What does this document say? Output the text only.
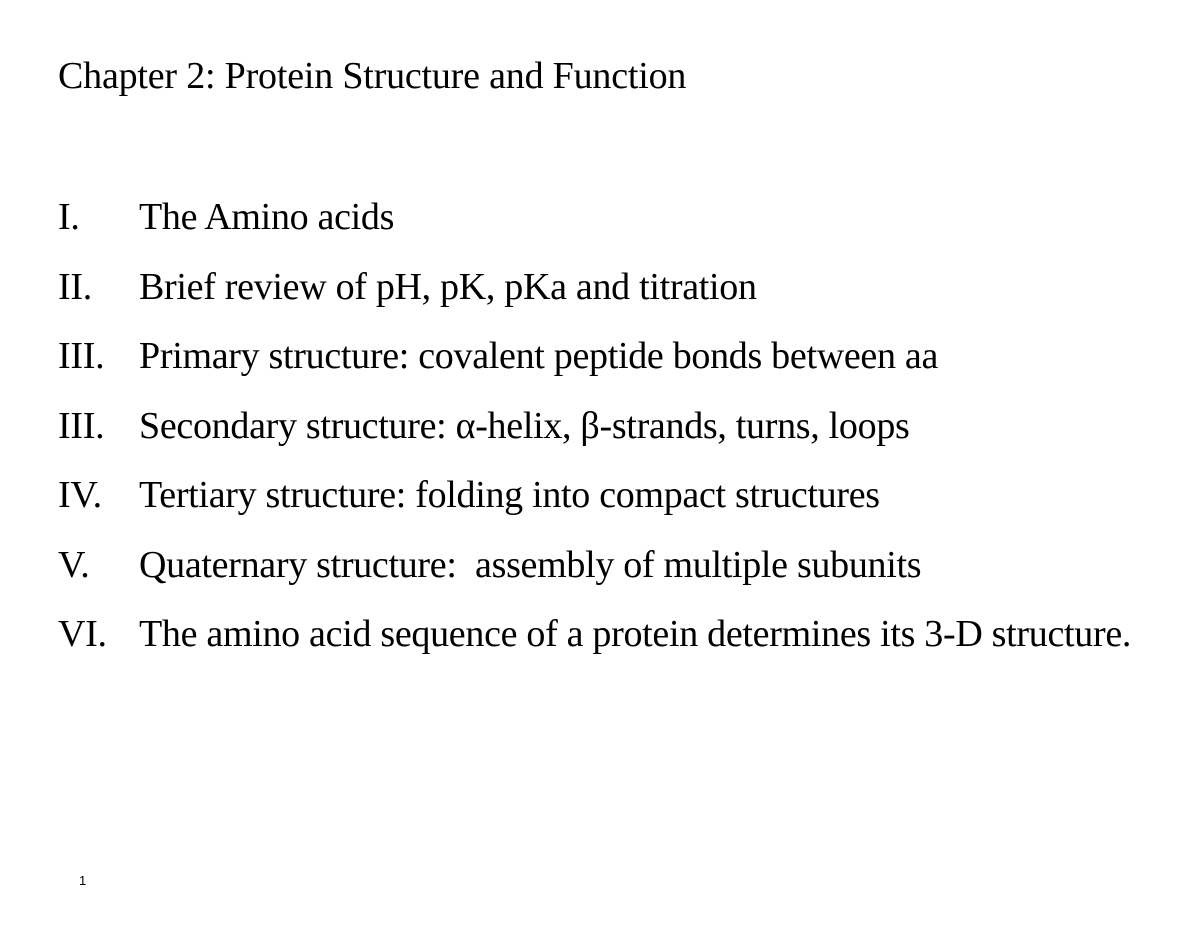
Chapter 2: Protein Structure and Function
I.	The Amino acids
II.	Brief review of pH, pK, pKa and titration
III. Primary structure: covalent peptide bonds between aa
III. Secondary structure: α-helix, β-strands, turns, loops
IV. Tertiary structure: folding into compact structures
V.	Quaternary structure:  assembly of multiple subunits
VI. The amino acid sequence of a protein determines its 3-D structure.
1
